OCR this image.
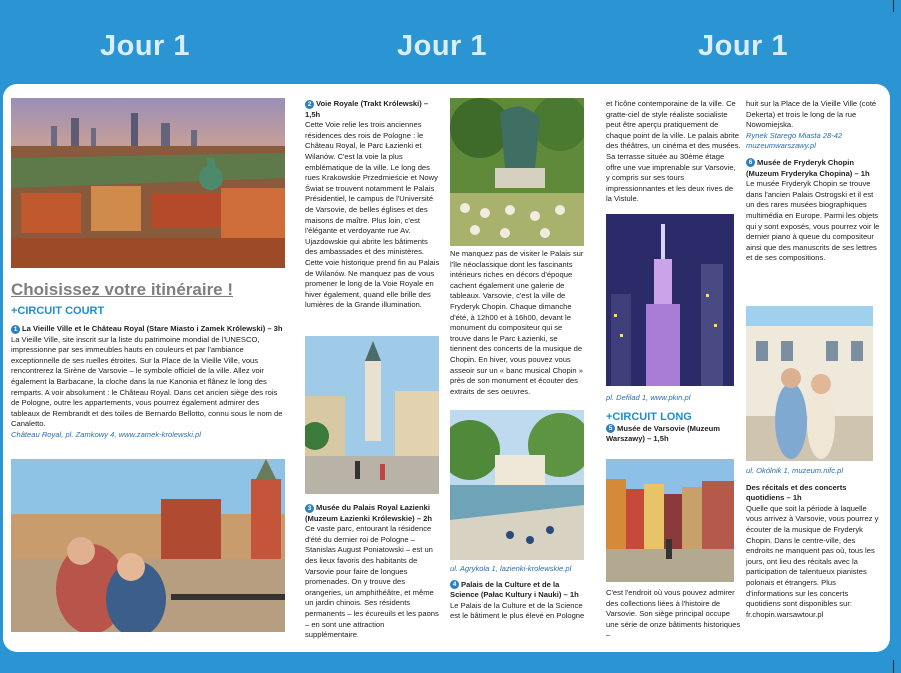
Jour 1	Jour 1	Jour 1
Choisissez votre itinéraire !
+CIRCUIT COURT

1 La Vieille Ville et le Château Royal (Stare Miasto i Zamek Królewski) – 3h

La Vieille Ville, site inscrit sur la liste du patrimoine mondial de l'UNESCO, impressionne par ses immeubles hauts en couleurs et par l'ambiance exceptionnelle de ses ruelles étroites. Sur la Place de la Vieille Ville, vous rencontrerez la Sirène de Varsovie – le symbole officiel de la ville. Allez voir également la Barbacane, la cloche dans la rue Kanonia et flânez le long des remparts. A voir absolument : le Château Royal. Dans cet ancien siège des rois de Pologne, outre les appartements, vous pourrez également admirer des tableaux de Rembrandt et des toiles de Bernardo Bellotto, connu sous le nom de Canaletto.

Château Royal, pl. Zamkowy 4, www.zamek-krolewski.pl

2 Voie Royale (Trakt Królewski) – 1,5h

Cette Voie relie les trois anciennes résidences des rois de Pologne : le Château Royal, le Parc Łazienki et Wilanów. C'est la voie la plus emblématique de la ville. Le long des rues Krakowskie Przedmieście et Nowy Świat se trouvent notamment le Palais Présidentiel, le campus de l'Université de Varsovie, de belles églises et des maisons de maître. Plus loin, c'est l'élégante et verdoyante rue Av. Ujazdowskie qui abrite les bâtiments des ambassades et des ministères. Cette voie historique prend fin au Palais de Wilanów. Ne manquez pas de vous promener le long de la Voie Royale en hiver également, quand elle brille des lumières de la Grande illumination.

3 Musée du Palais Royal Łazienki (Muzeum Łazienki Królewskie) – 2h

Ce vaste parc, entourant la résidence d'été du dernier roi de Pologne – Stanislas August Poniatowski – est un des lieux favoris des habitants de Varsovie pour faire de longues promenades. On y trouve des orangeries, un amphithéâtre, et même un jardin chinois. Ses résidents permanents – les écureuils et les paons – en sont une attraction supplémentaire.

Ne manquez pas de visiter le Palais sur l'île néoclassique dont les fascinants intérieurs riches en décors d'époque cachent également une galerie de tableaux. Varsovie, c'est la ville de Fryderyk Chopin. Chaque dimanche d'été, à 12h00 et à 16h00, devant le monument du compositeur qui se trouve dans le Parc Łazienki, se tiennent des concerts de la musique de Chopin. En hiver, vous pouvez vous asseoir sur un « banc musical Chopin » près de son monument et écouter des extraits de ses oeuvres.

ul. Agrykola 1, lazienki-krolewskie.pl

4 Palais de la Culture et de la Science (Pałac Kultury i Nauki) – 1h

Le Palais de la Culture et de la Science est le bâtiment le plus élevé en Pologne

et l'icône contemporaine de la ville. Ce gratte-ciel de style réaliste socialiste peut être aperçu pratiquement de chaque point de la ville. Le palais abrite des théâtres, un cinéma et des musées. Sa terrasse située au 30ème étage offre une vue imprenable sur Varsovie, y compris sur ses tours impressionnantes et les deux rives de la Vistule.

pl. Defilad 1, www.pkin.pl

+CIRCUIT LONG

5 Musée de Varsovie (Muzeum Warszawy) – 1,5h

C'est l'endroit où vous pouvez admirer des collections liées à l'histoire de Varsovie. Son siège principal occupe une série de onze bâtiments historiques –

huit sur la Place de la Vieille Ville (coté Dekerta) et trois le long de la rue Nowomiejska.

Rynek Starego Miasta 28-42 muzeumwarszawy.pl

6 Musée de Fryderyk Chopin (Muzeum Fryderyka Chopina) – 1h

Le musée Fryderyk Chopin se trouve dans l'ancien Palais Ostrogski et il est un des rares musées biographiques multimédia en Europe. Parmi les objets qui y sont exposés, vous pourrez voir le dernier piano à queue du compositeur ainsi que des manuscrits de ses lettres et de ses compositions.

ul. Okólnik 1, muzeum.nifc.pl

Des récitals et des concerts quotidiens – 1h

Quelle que soit la période à laquelle vous arrivez à Varsovie, vous pourrez y écouter de la musique de Fryderyk Chopin. Dans le centre-ville, des endroits ne manquent pas où, tous les jours, ont lieu des récitals avec la participation de talentueux pianistes polonais et étrangers. Plus d'informations sur les concerts quotidiens sont disponibles sur: fr.chopin.warsawtour.pl
